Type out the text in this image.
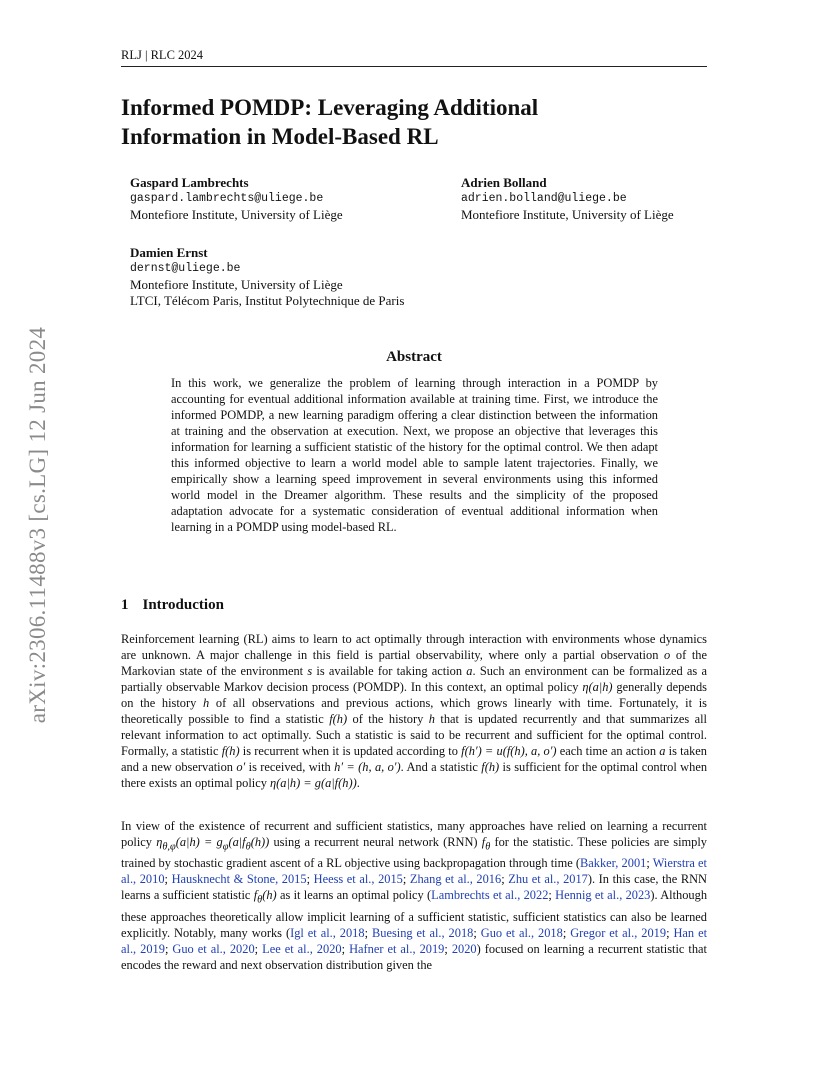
arXiv:2306.11488v3 [cs.LG] 12 Jun 2024
RLJ | RLC 2024
Informed POMDP: Leveraging Additional
Information in Model-Based RL
Gaspard Lambrechts
gaspard.lambrechts@uliege.be
Montefiore Institute, University of Liège
Adrien Bolland
adrien.bolland@uliege.be
Montefiore Institute, University of Liège
Damien Ernst
dernst@uliege.be
Montefiore Institute, University of Liège
LTCI, Télécom Paris, Institut Polytechnique de Paris
Abstract

In this work, we generalize the problem of learning through interaction in a POMDP by accounting for eventual additional information available at training time. First, we introduce the informed POMDP, a new learning paradigm offering a clear distinction between the information at training and the observation at execution. Next, we propose an objective that leverages this information for learning a sufficient statistic of the history for the optimal control. We then adapt this informed objective to learn a world model able to sample latent trajectories. Finally, we empirically show a learning speed improvement in several environments using this informed world model in the Dreamer algorithm. These results and the simplicity of the proposed adaptation advocate for a systematic consideration of eventual additional information when learning in a POMDP using model-based RL.

1 Introduction

Reinforcement learning (RL) aims to learn to act optimally through interaction with environments whose dynamics are unknown. A major challenge in this field is partial observability, where only a partial observation o of the Markovian state of the environment s is available for taking action a. Such an environment can be formalized as a partially observable Markov decision process (POMDP). In this context, an optimal policy η(a|h) generally depends on the history h of all observations and previous actions, which grows linearly with time. Fortunately, it is theoretically possible to find a statistic f(h) of the history h that is updated recurrently and that summarizes all relevant information to act optimally. Such a statistic is said to be recurrent and sufficient for the optimal control. Formally, a statistic f(h) is recurrent when it is updated according to f(h′) = u(f(h), a, o′) each time an action a is taken and a new observation o′ is received, with h′ = (h, a, o′). And a statistic f(h) is sufficient for the optimal control when there exists an optimal policy η(a|h) = g(a|f(h)).

In view of the existence of recurrent and sufficient statistics, many approaches have relied on learning a recurrent policy $\eta_{\theta,\varphi}(a|h) = g_\varphi(a|f_\theta(h))$ using a recurrent neural network (RNN) $f_\theta$ for the statistic. These policies are simply trained by stochastic gradient ascent of a RL objective using backpropagation through time (Bakker, 2001; Wierstra et al., 2010; Hausknecht & Stone, 2015; Heess et al., 2015; Zhang et al., 2016; Zhu et al., 2017). In this case, the RNN learns a sufficient statistic $f_\theta(h)$ as it learns an optimal policy (Lambrechts et al., 2022; Hennig et al., 2023). Although these approaches theoretically allow implicit learning of a sufficient statistic, sufficient statistics can also be learned explicitly. Notably, many works (Igl et al., 2018; Buesing et al., 2018; Guo et al., 2018; Gregor et al., 2019; Han et al., 2019; Guo et al., 2020; Lee et al., 2020; Hafner et al., 2019; 2020) focused on learning a recurrent statistic that encodes the reward and next observation distribution given the
